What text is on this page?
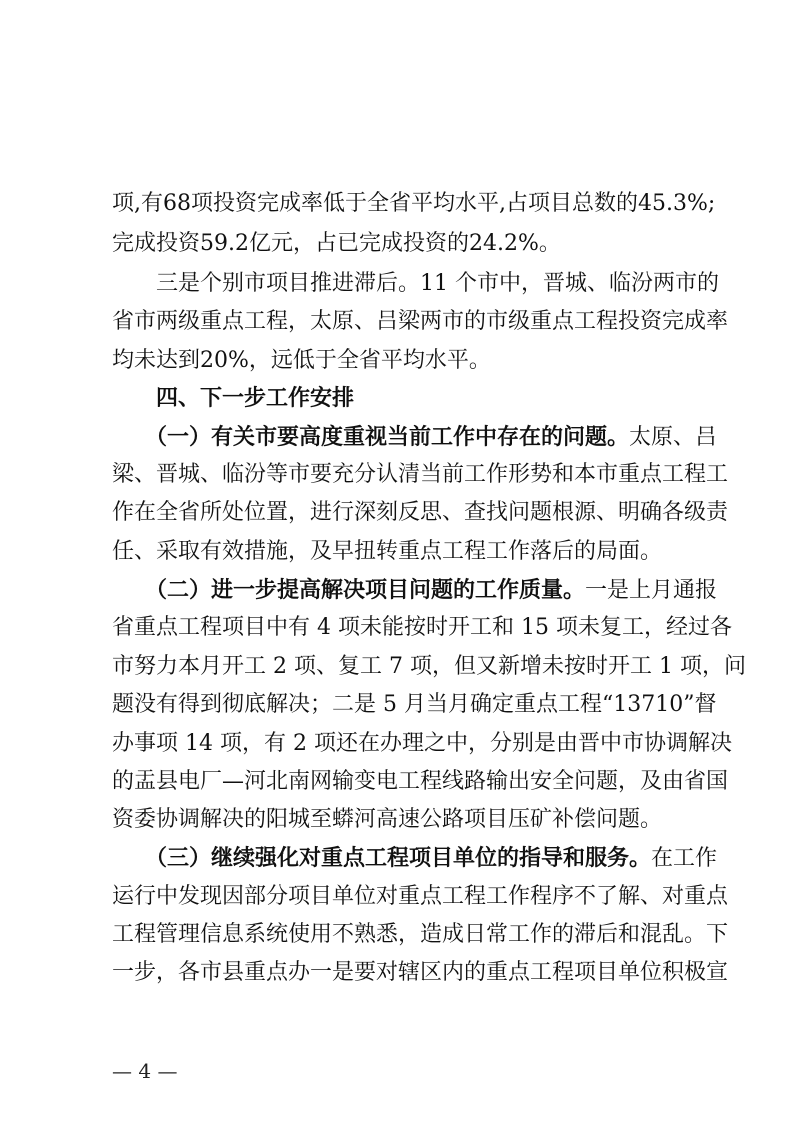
项,有68项投资完成率低于全省平均水平,占项目总数的45.3%;
完成投资59.2亿元，占已完成投资的24.2%。
　　三是个别市项目推进滞后。11 个市中，晋城、临汾两市的
省市两级重点工程，太原、吕梁两市的市级重点工程投资完成率
均未达到20%，远低于全省平均水平。
　　四、下一步工作安排
　　（一）有关市要高度重视当前工作中存在的问题。太原、吕
梁、晋城、临汾等市要充分认清当前工作形势和本市重点工程工
作在全省所处位置，进行深刻反思、查找问题根源、明确各级责
任、采取有效措施，及早扭转重点工程工作落后的局面。
　　（二）进一步提高解决项目问题的工作质量。一是上月通报
省重点工程项目中有 4 项未能按时开工和 15 项未复工，经过各
市努力本月开工 2 项、复工 7 项，但又新增未按时开工 1 项，问
题没有得到彻底解决；二是 5 月当月确定重点工程“13710”督
办事项 14 项，有 2 项还在办理之中，分别是由晋中市协调解决
的盂县电厂—河北南网输变电工程线路输出安全问题，及由省国
资委协调解决的阳城至蟒河高速公路项目压矿补偿问题。
　　（三）继续强化对重点工程项目单位的指导和服务。在工作
运行中发现因部分项目单位对重点工程工作程序不了解、对重点
工程管理信息系统使用不熟悉，造成日常工作的滞后和混乱。下
一步，各市县重点办一是要对辖区内的重点工程项目单位积极宣
— 4 —
